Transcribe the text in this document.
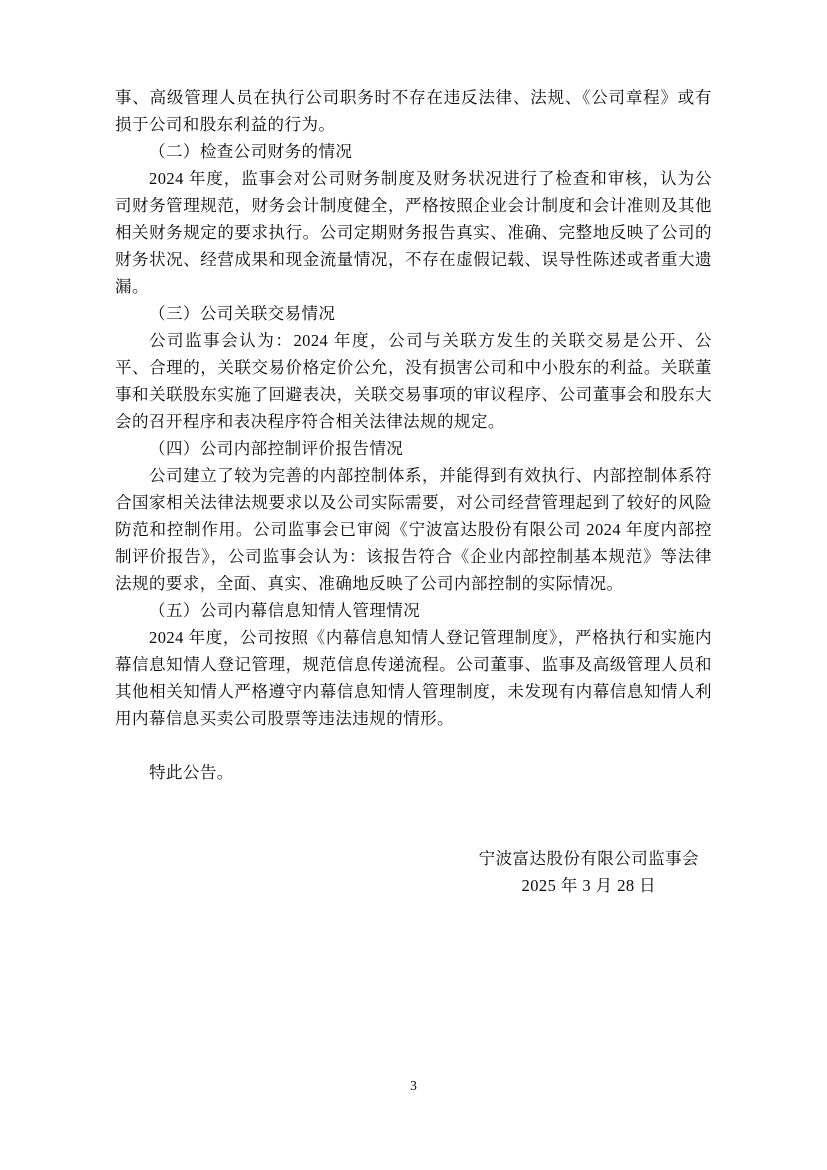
事、高级管理人员在执行公司职务时不存在违反法律、法规、《公司章程》或有损于公司和股东利益的行为。

（二）检查公司财务的情况

2024 年度，监事会对公司财务制度及财务状况进行了检查和审核，认为公司财务管理规范，财务会计制度健全，严格按照企业会计制度和会计准则及其他相关财务规定的要求执行。公司定期财务报告真实、准确、完整地反映了公司的财务状况、经营成果和现金流量情况，不存在虚假记载、误导性陈述或者重大遗漏。

（三）公司关联交易情况

公司监事会认为：2024 年度，公司与关联方发生的关联交易是公开、公平、合理的，关联交易价格定价公允，没有损害公司和中小股东的利益。关联董事和关联股东实施了回避表决，关联交易事项的审议程序、公司董事会和股东大会的召开程序和表决程序符合相关法律法规的规定。

（四）公司内部控制评价报告情况

公司建立了较为完善的内部控制体系，并能得到有效执行、内部控制体系符合国家相关法律法规要求以及公司实际需要，对公司经营管理起到了较好的风险防范和控制作用。公司监事会已审阅《宁波富达股份有限公司 2024 年度内部控制评价报告》，公司监事会认为：该报告符合《企业内部控制基本规范》等法律法规的要求，全面、真实、准确地反映了公司内部控制的实际情况。

（五）公司内幕信息知情人管理情况

2024 年度，公司按照《内幕信息知情人登记管理制度》，严格执行和实施内幕信息知情人登记管理，规范信息传递流程。公司董事、监事及高级管理人员和其他相关知情人严格遵守内幕信息知情人管理制度，未发现有内幕信息知情人利用内幕信息买卖公司股票等违法违规的情形。

特此公告。

宁波富达股份有限公司监事会

2025 年 3 月 28 日

3
